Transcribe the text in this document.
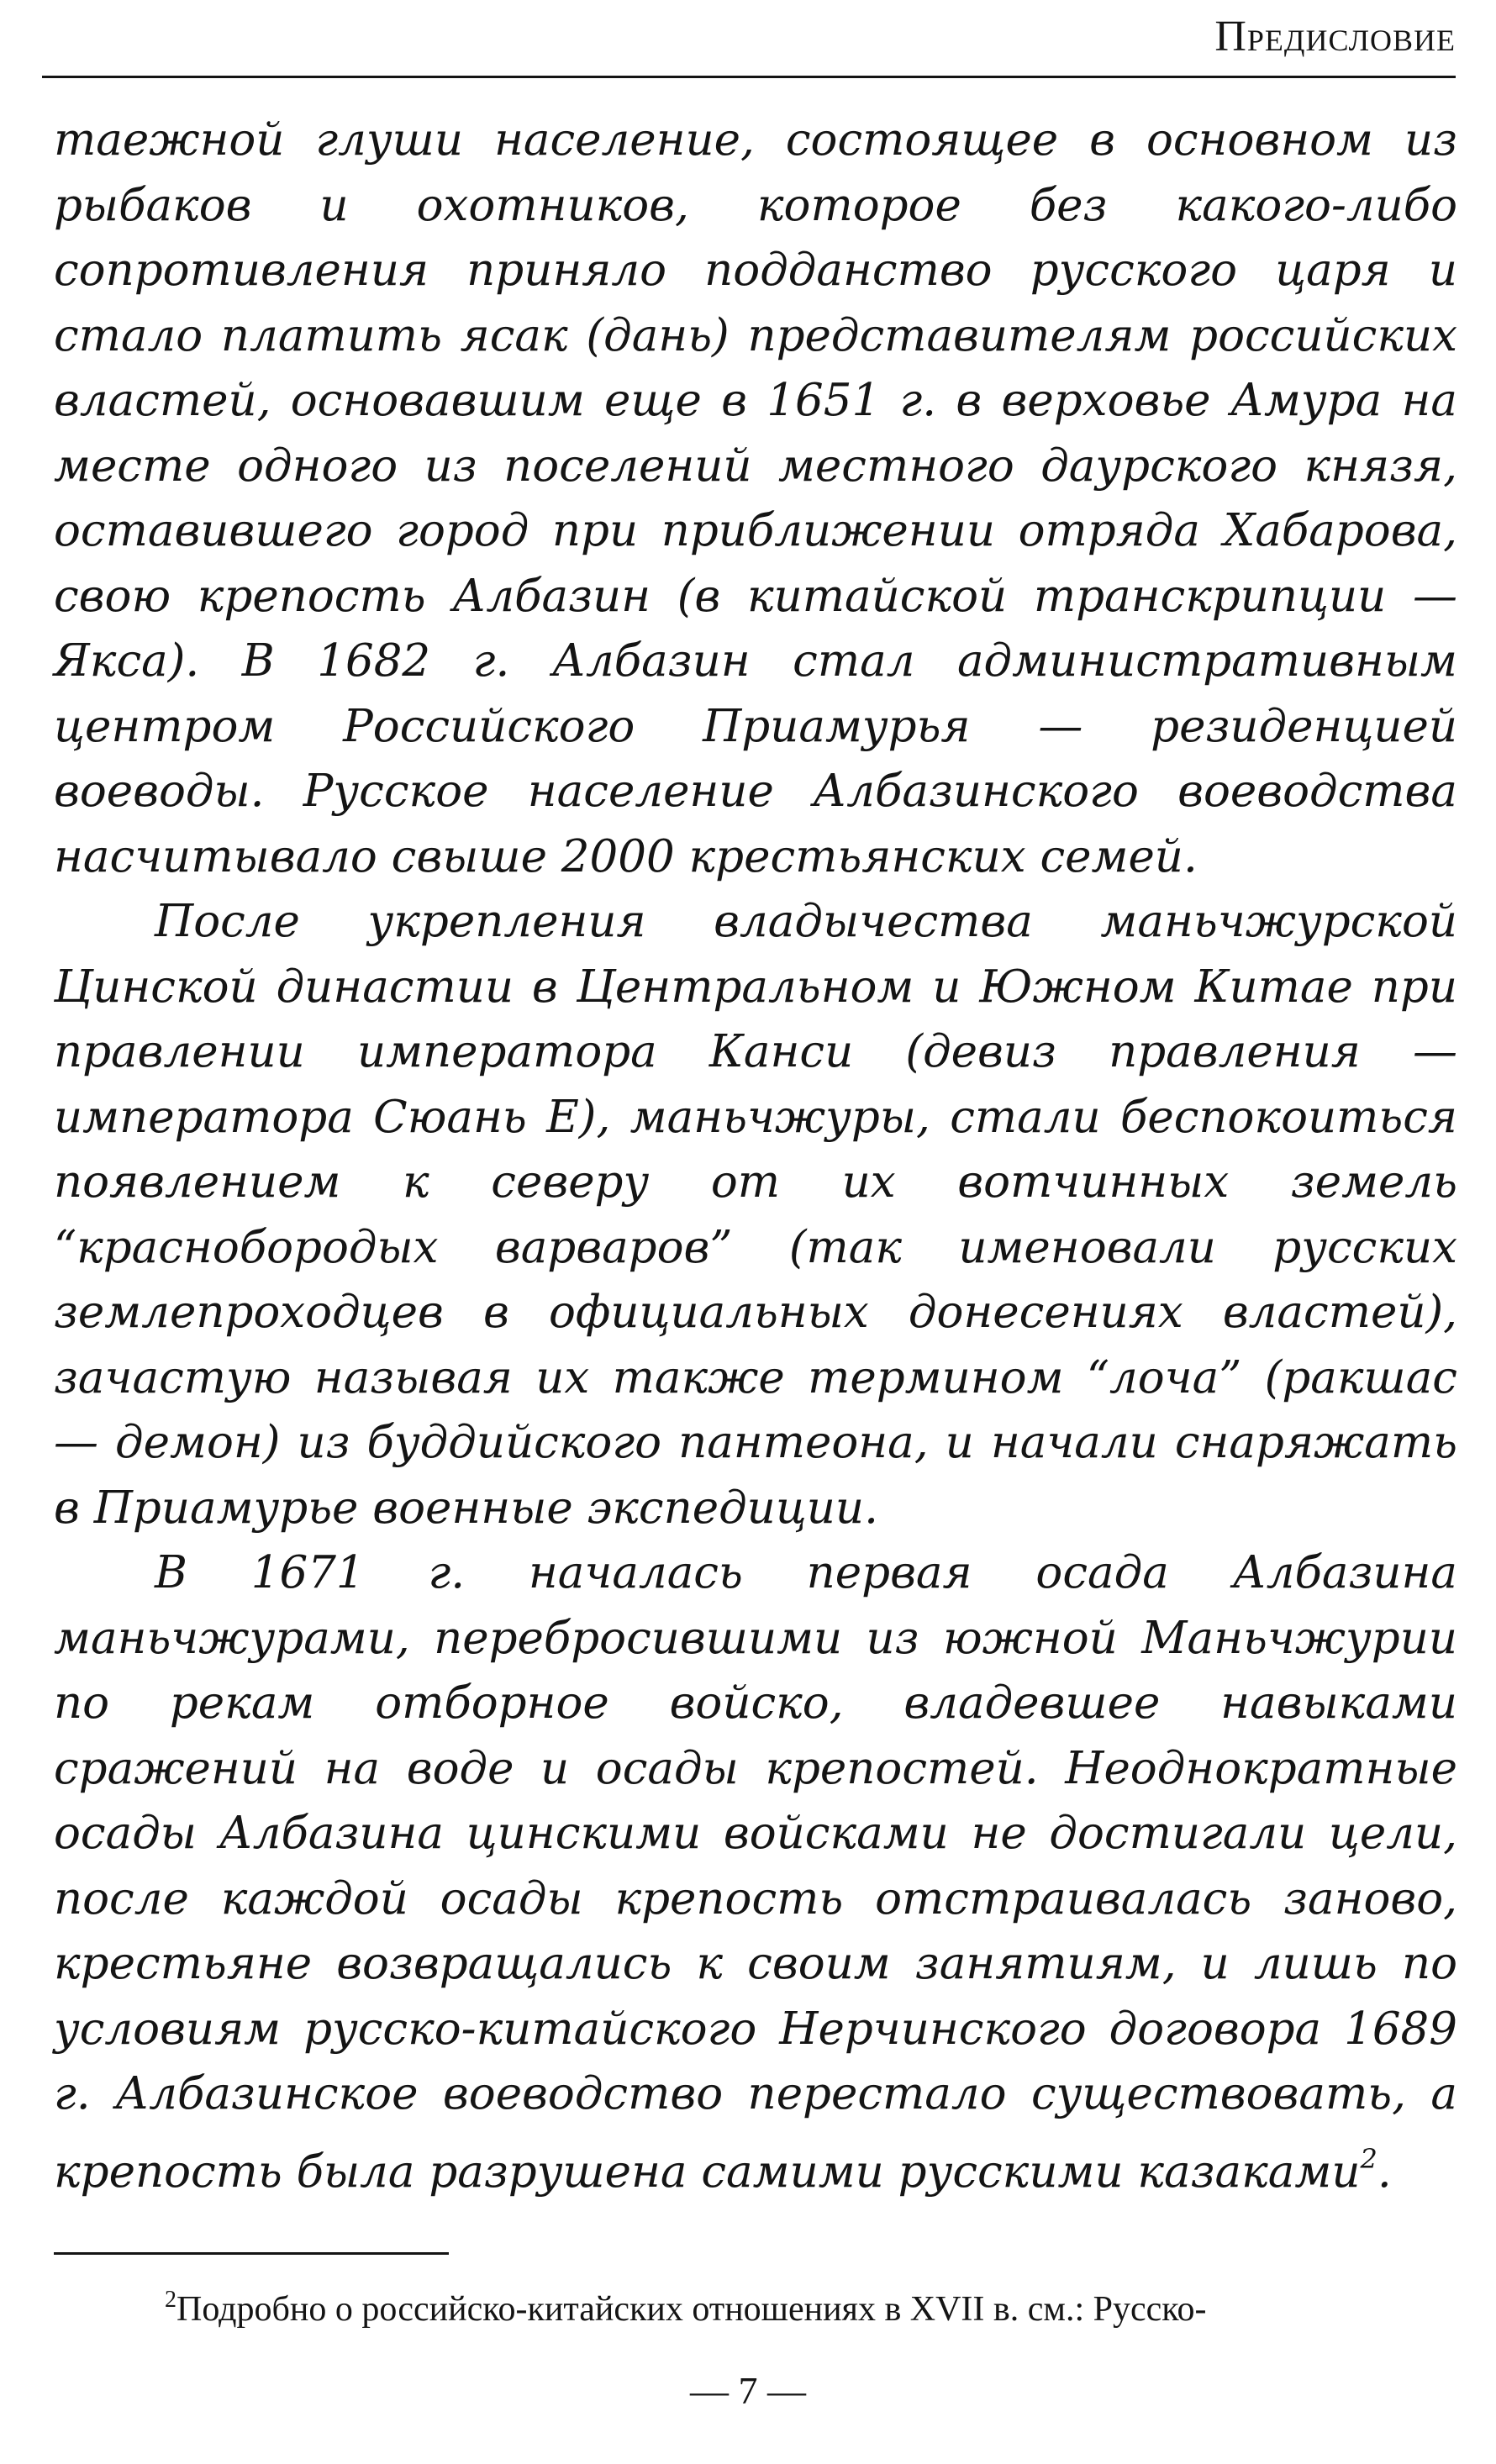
Предисловие

таежной глуши население, состоящее в основном из рыбаков и охотников, которое без какого-либо сопротивления приняло подданство русского царя и стало платить ясак (дань) представителям российских властей, основавшим еще в 1651 г. в верховье Амура на месте одного из поселений местного даурского князя, оставившего город при приближении отряда Хабарова, свою крепость Албазин (в китайской транскрипции — Якса). В 1682 г. Албазин стал административным центром Российского Приамурья — резиденцией воеводы. Русское население Албазинского воеводства насчитывало свыше 2000 крестьянских семей.

После укрепления владычества маньчжурской Цинской династии в Центральном и Южном Китае при правлении императора Канси (девиз правления — императора Сюань Е), маньчжуры, стали беспокоиться появлением к северу от их вотчинных земель “краснобородых варваров” (так именовали русских землепроходцев в официальных донесениях властей), зачастую называя их также термином “лоча” (ракшас — демон) из буддийского пантеона, и начали снаряжать в Приамурье военные экспедиции.

В 1671 г. началась первая осада Албазина маньчжурами, перебросившими из южной Маньчжурии по рекам отборное войско, владевшее навыками сражений на воде и осады крепостей. Неоднократные осады Албазина цинскими войсками не достигали цели, после каждой осады крепость отстраивалась заново, крестьяне возвращались к своим занятиям, и лишь по условиям русско-китайского Нерчинского договора 1689 г. Албазинское воеводство перестало существовать, а крепость была разрушена самими русскими казаками$^2$.

$^2$Подробно о российско-китайских отношениях в XVII в. см.: Русско-
— 7 —
